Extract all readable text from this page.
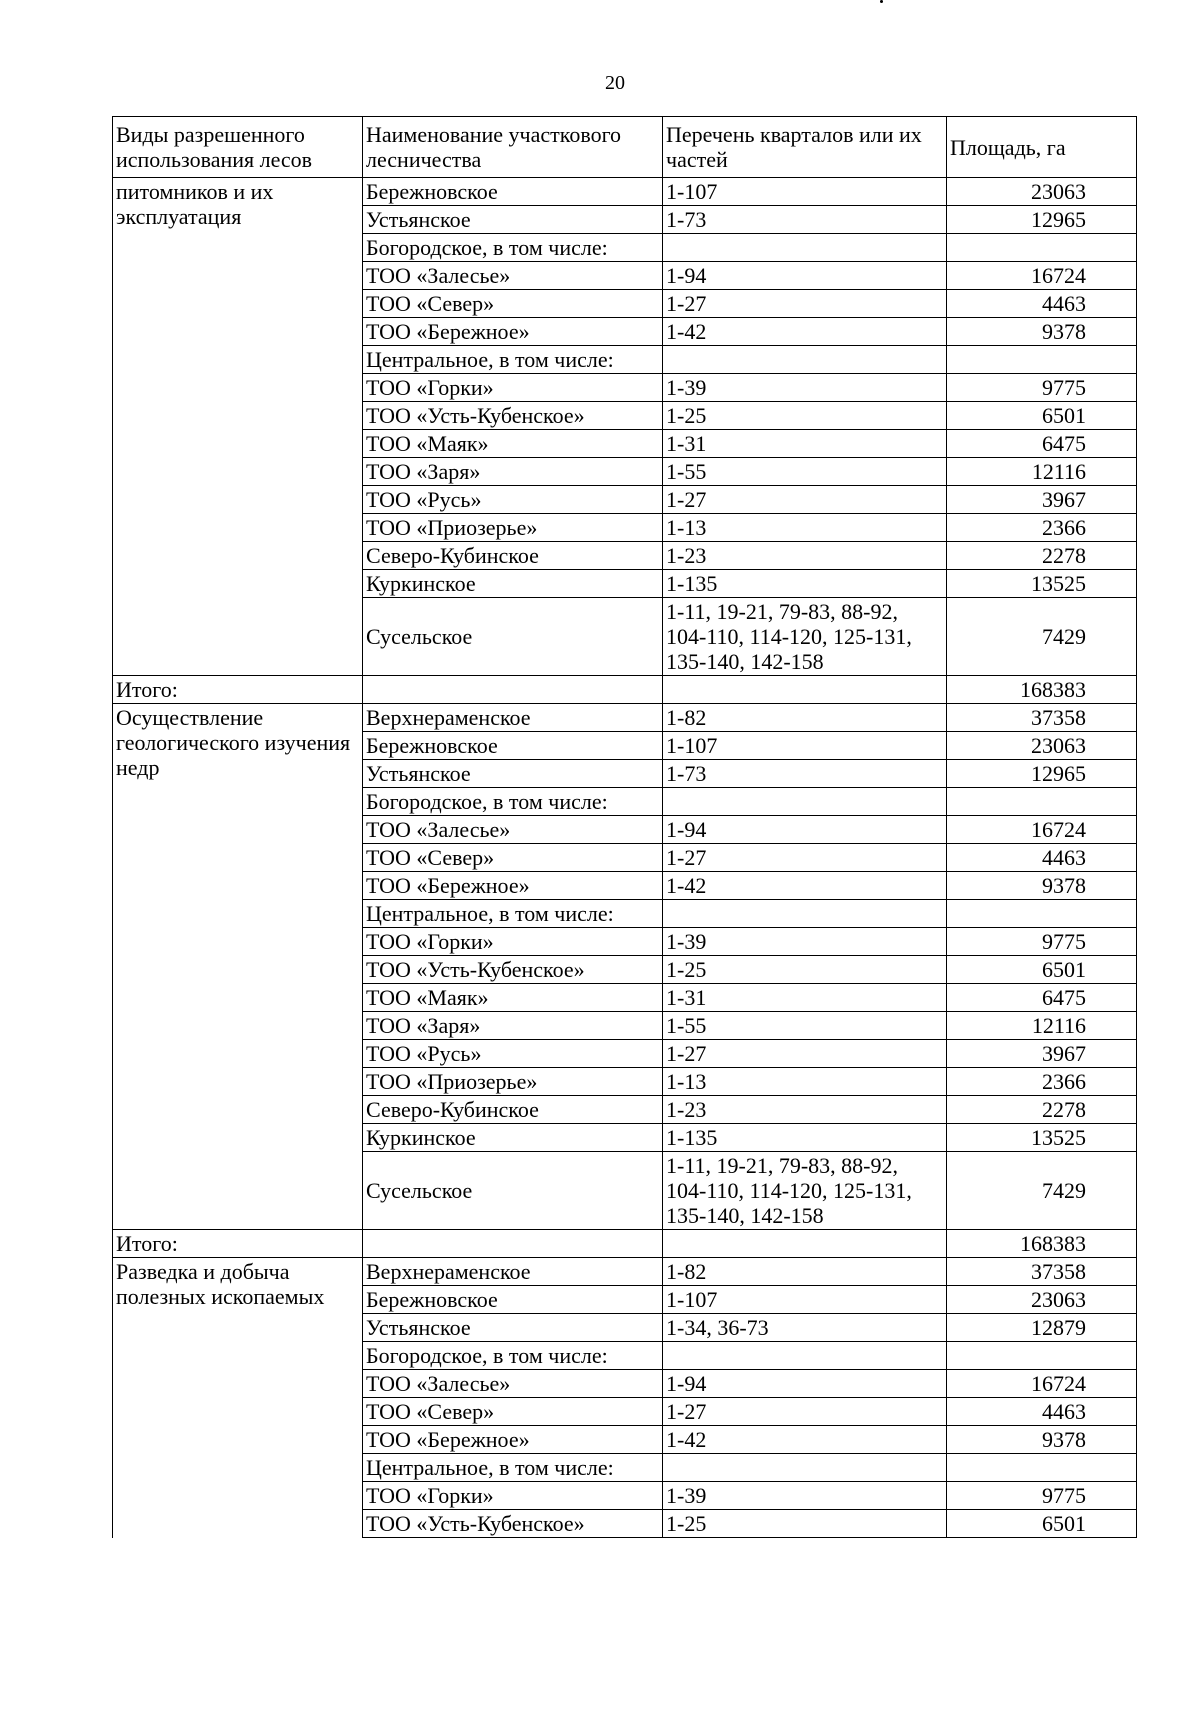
20
Виды разрешенного использования лесов	Наименование участкового лесничества	Перечень кварталов или их частей	Площадь, га
питомников и их эксплуатация	Бережновское	1-107	23063
	Устьянское	1-73	12965
	Богородское, в том числе:		
	ТОО «Залесье»	1-94	16724
	ТОО «Север»	1-27	4463
	ТОО «Бережное»	1-42	9378
	Центральное, в том числе:		
	ТОО «Горки»	1-39	9775
	ТОО «Усть-Кубенское»	1-25	6501
	ТОО «Маяк»	1-31	6475
	ТОО «Заря»	1-55	12116
	ТОО «Русь»	1-27	3967
	ТОО «Приозерье»	1-13	2366
	Северо-Кубинское	1-23	2278
	Куркинское	1-135	13525
	Сусельское	1-11, 19-21, 79-83, 88-92, 104-110, 114-120, 125-131, 135-140, 142-158	7429
Итого:			168383
Осуществление геологического изучения недр	Верхнераменское	1-82	37358
	Бережновское	1-107	23063
	Устьянское	1-73	12965
	Богородское, в том числе:		
	ТОО «Залесье»	1-94	16724
	ТОО «Север»	1-27	4463
	ТОО «Бережное»	1-42	9378
	Центральное, в том числе:		
	ТОО «Горки»	1-39	9775
	ТОО «Усть-Кубенское»	1-25	6501
	ТОО «Маяк»	1-31	6475
	ТОО «Заря»	1-55	12116
	ТОО «Русь»	1-27	3967
	ТОО «Приозерье»	1-13	2366
	Северо-Кубинское	1-23	2278
	Куркинское	1-135	13525
	Сусельское	1-11, 19-21, 79-83, 88-92, 104-110, 114-120, 125-131, 135-140, 142-158	7429
Итого:			168383
Разведка и добыча полезных ископаемых	Верхнераменское	1-82	37358
	Бережновское	1-107	23063
	Устьянское	1-34, 36-73	12879
	Богородское, в том числе:		
	ТОО «Залесье»	1-94	16724
	ТОО «Север»	1-27	4463
	ТОО «Бережное»	1-42	9378
	Центральное, в том числе:		
	ТОО «Горки»	1-39	9775
	ТОО «Усть-Кубенское»	1-25	6501
